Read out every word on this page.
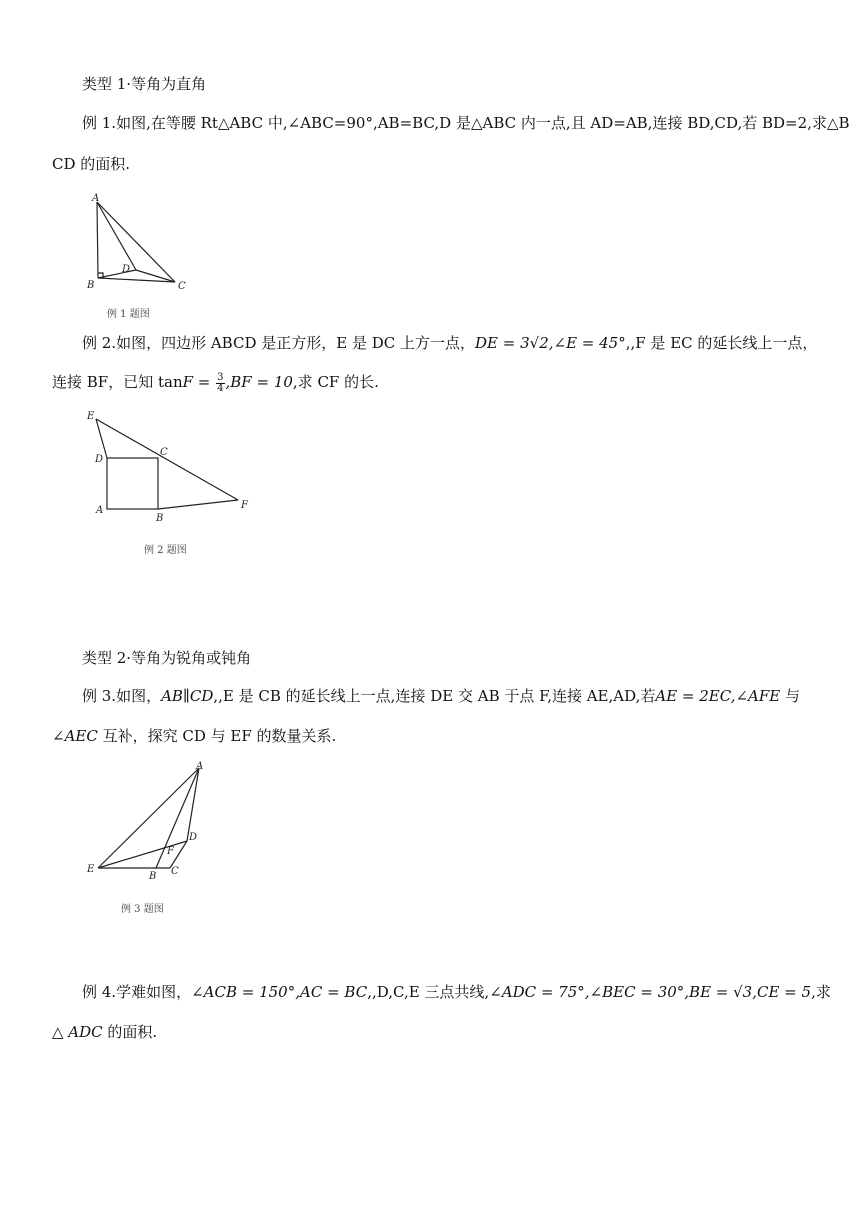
类型 1·等角为直角
例 1.如图,在等腰 Rt△ABC 中,∠ABC=90°,AB=BC,D 是△ABC 内一点,且 AD=AB,连接 BD,CD,若 BD=2,求△B
CD 的面积.
A
B	C
D
例 1 题图
例 2.如图，四边形 ABCD 是正方形，E 是 DC 上方一点，DE = 3√2,∠E = 45°,,F 是 EC 的延长线上一点，
连接 BF，已知 $\tan F = \frac{3}{4} ,BF = 10$,求 CF 的长.
E
D
C
A
B
F
例 2 题图
类型 2·等角为锐角或钝角
例 3.如图，AB∥CD,,E 是 CB 的延长线上一点,连接 DE 交 AB 于点 F,连接 AE,AD,若AE = 2EC,∠AFE 与
∠AEC 互补，探究 CD 与 EF 的数量关系.
A
D
F
E
B C
例 3 题图
例 4.学难如图，∠ACB = 150°,AC = BC,,D,C,E 三点共线,∠ADC = 75°,∠BEC = 30°,BE = √3,CE = 5,求
△ ADC 的面积.
